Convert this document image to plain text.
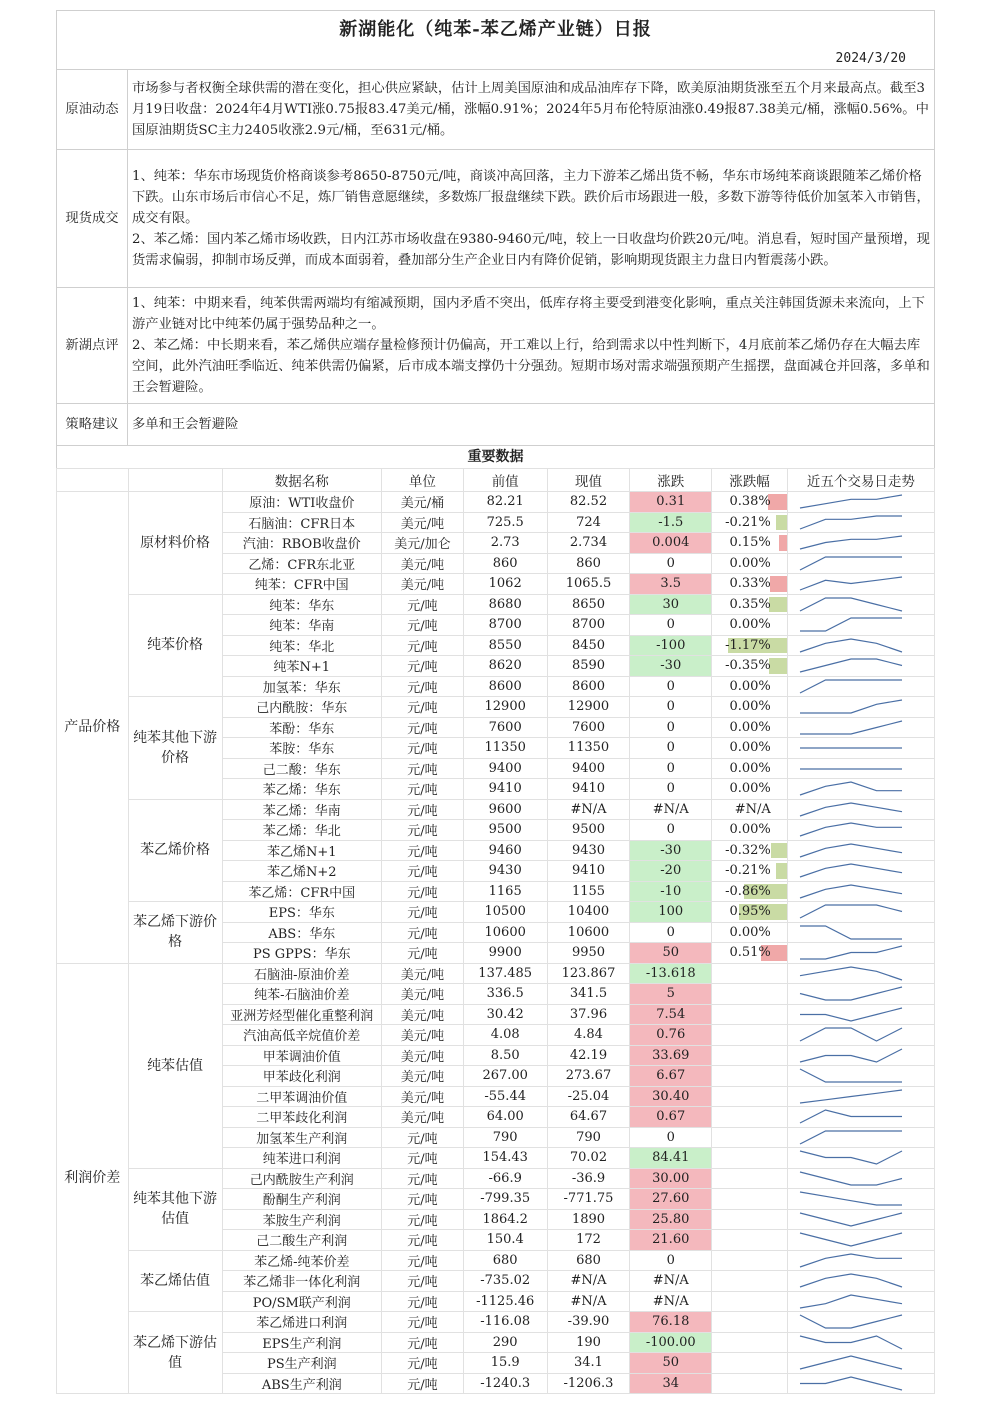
新湖能化（纯苯-苯乙烯产业链）日报
2024/3/20
原油动态	市场参与者权衡全球供需的潜在变化，担心供应紧缺，估计上周美国原油和成品油库存下降，欧美原油期货涨至五个月来最高点。截至3月19日收盘：2024年4月WTI涨0.75报83.47美元/桶，涨幅0.91%；2024年5月布伦特原油涨0.49报87.38美元/桶，涨幅0.56%。中国原油期货SC主力2405收涨2.9元/桶，至631元/桶。

现货成交	1、纯苯：华东市场现货价格商谈参考8650-8750元/吨，商谈冲高回落，主力下游苯乙烯出货不畅，华东市场纯苯商谈跟随苯乙烯价格下跌。山东市场后市信心不足，炼厂销售意愿继续，多数炼厂报盘继续下跌。跌价后市场跟进一般，多数下游等待低价加氢苯入市销售，成交有限。

2、苯乙烯：国内苯乙烯市场收跌，日内江苏市场收盘在9380-9460元/吨，较上一日收盘均价跌20元/吨。消息看，短时国产量预增，现货需求偏弱，抑制市场反弹，而成本面弱着，叠加部分生产企业日内有降价促销，影响期现货跟主力盘日内暂震荡小跌。

新湖点评	1、纯苯：中期来看，纯苯供需两端均有缩减预期，国内矛盾不突出，低库存将主要受到港变化影响，重点关注韩国货源未来流向，上下游产业链对比中纯苯仍属于强势品种之一。

2、苯乙烯：中长期来看，苯乙烯供应端存量检修预计仍偏高，开工难以上行，给到需求以中性判断下，4月底前苯乙烯仍存在大幅去库空间，此外汽油旺季临近、纯苯供需仍偏紧，后市成本端支撑仍十分强劲。短期市场对需求端强预期产生摇摆，盘面减仓并回落，多单和王会暂避险。

策略建议	多单和王会暂避险

重要数据
		数据名称	单位	前值	现值	涨跌	涨跌幅	近五个交易日走势
产品价格	原材料价格	原油：WTI收盘价	美元/桶	82.21	82.52	0.31	0.38%	

		石脑油：CFR日本	美元/吨	725.5	724	-1.5	-0.21%	

		汽油：RBOB收盘价	美元/加仑	2.73	2.734	0.004	0.15%	

		乙烯：CFR东北亚	美元/吨	860	860	0	0.00%	

		纯苯：CFR中国	美元/吨	1062	1065.5	3.5	0.33%	

	纯苯价格	纯苯：华东	元/吨	8680	8650	30	0.35%	

		纯苯：华南	元/吨	8700	8700	0	0.00%	

		纯苯：华北	元/吨	8550	8450	-100	-1.17%	

		纯苯N+1	元/吨	8620	8590	-30	-0.35%	

		加氢苯：华东	元/吨	8600	8600	0	0.00%	

	纯苯其他下游价格	己内酰胺：华东	元/吨	12900	12900	0	0.00%	

		苯酚：华东	元/吨	7600	7600	0	0.00%	

		苯胺：华东	元/吨	11350	11350	0	0.00%	

		己二酸：华东	元/吨	9400	9400	0	0.00%	

		苯乙烯：华东	元/吨	9410	9410	0	0.00%	

	苯乙烯价格	苯乙烯：华南	元/吨	9600	#N/A	#N/A	#N/A	

		苯乙烯：华北	元/吨	9500	9500	0	0.00%	

		苯乙烯N+1	元/吨	9460	9430	-30	-0.32%	

		苯乙烯N+2	元/吨	9430	9410	-20	-0.21%	

		苯乙烯：CFR中国	元/吨	1165	1155	-10	-0.86%	

	苯乙烯下游价格	EPS：华东	元/吨	10500	10400	100	0.95%	

		ABS：华东	元/吨	10600	10600	0	0.00%	

		PS GPPS：华东	元/吨	9900	9950	50	0.51%	

利润价差	纯苯估值	石脑油-原油价差	美元/吨	137.485	123.867	-13.618		

		纯苯-石脑油价差	美元/吨	336.5	341.5	5		

		亚洲芳烃型催化重整利润	美元/吨	30.42	37.96	7.54		

		汽油高低辛烷值价差	美元/吨	4.08	4.84	0.76		

		甲苯调油价值	美元/吨	8.50	42.19	33.69		

		甲苯歧化利润	美元/吨	267.00	273.67	6.67		

		二甲苯调油价值	美元/吨	-55.44	-25.04	30.40		

		二甲苯歧化利润	美元/吨	64.00	64.67	0.67		

		加氢苯生产利润	元/吨	790	790	0		

		纯苯进口利润	元/吨	154.43	70.02	84.41		

	纯苯其他下游估值	己内酰胺生产利润	元/吨	-66.9	-36.9	30.00		

		酚酮生产利润	元/吨	-799.35	-771.75	27.60		

		苯胺生产利润	元/吨	1864.2	1890	25.80		

		己二酸生产利润	元/吨	150.4	172	21.60		

	苯乙烯估值	苯乙烯-纯苯价差	元/吨	680	680	0		

		苯乙烯非一体化利润	元/吨	-735.02	#N/A	#N/A		

		PO/SM联产利润	元/吨	-1125.46	#N/A	#N/A		

	苯乙烯下游估值	苯乙烯进口利润	元/吨	-116.08	-39.90	76.18		

		EPS生产利润	元/吨	290	190	-100.00		

		PS生产利润	元/吨	15.9	34.1	50		

		ABS生产利润	元/吨	-1240.3	-1206.3	34		
